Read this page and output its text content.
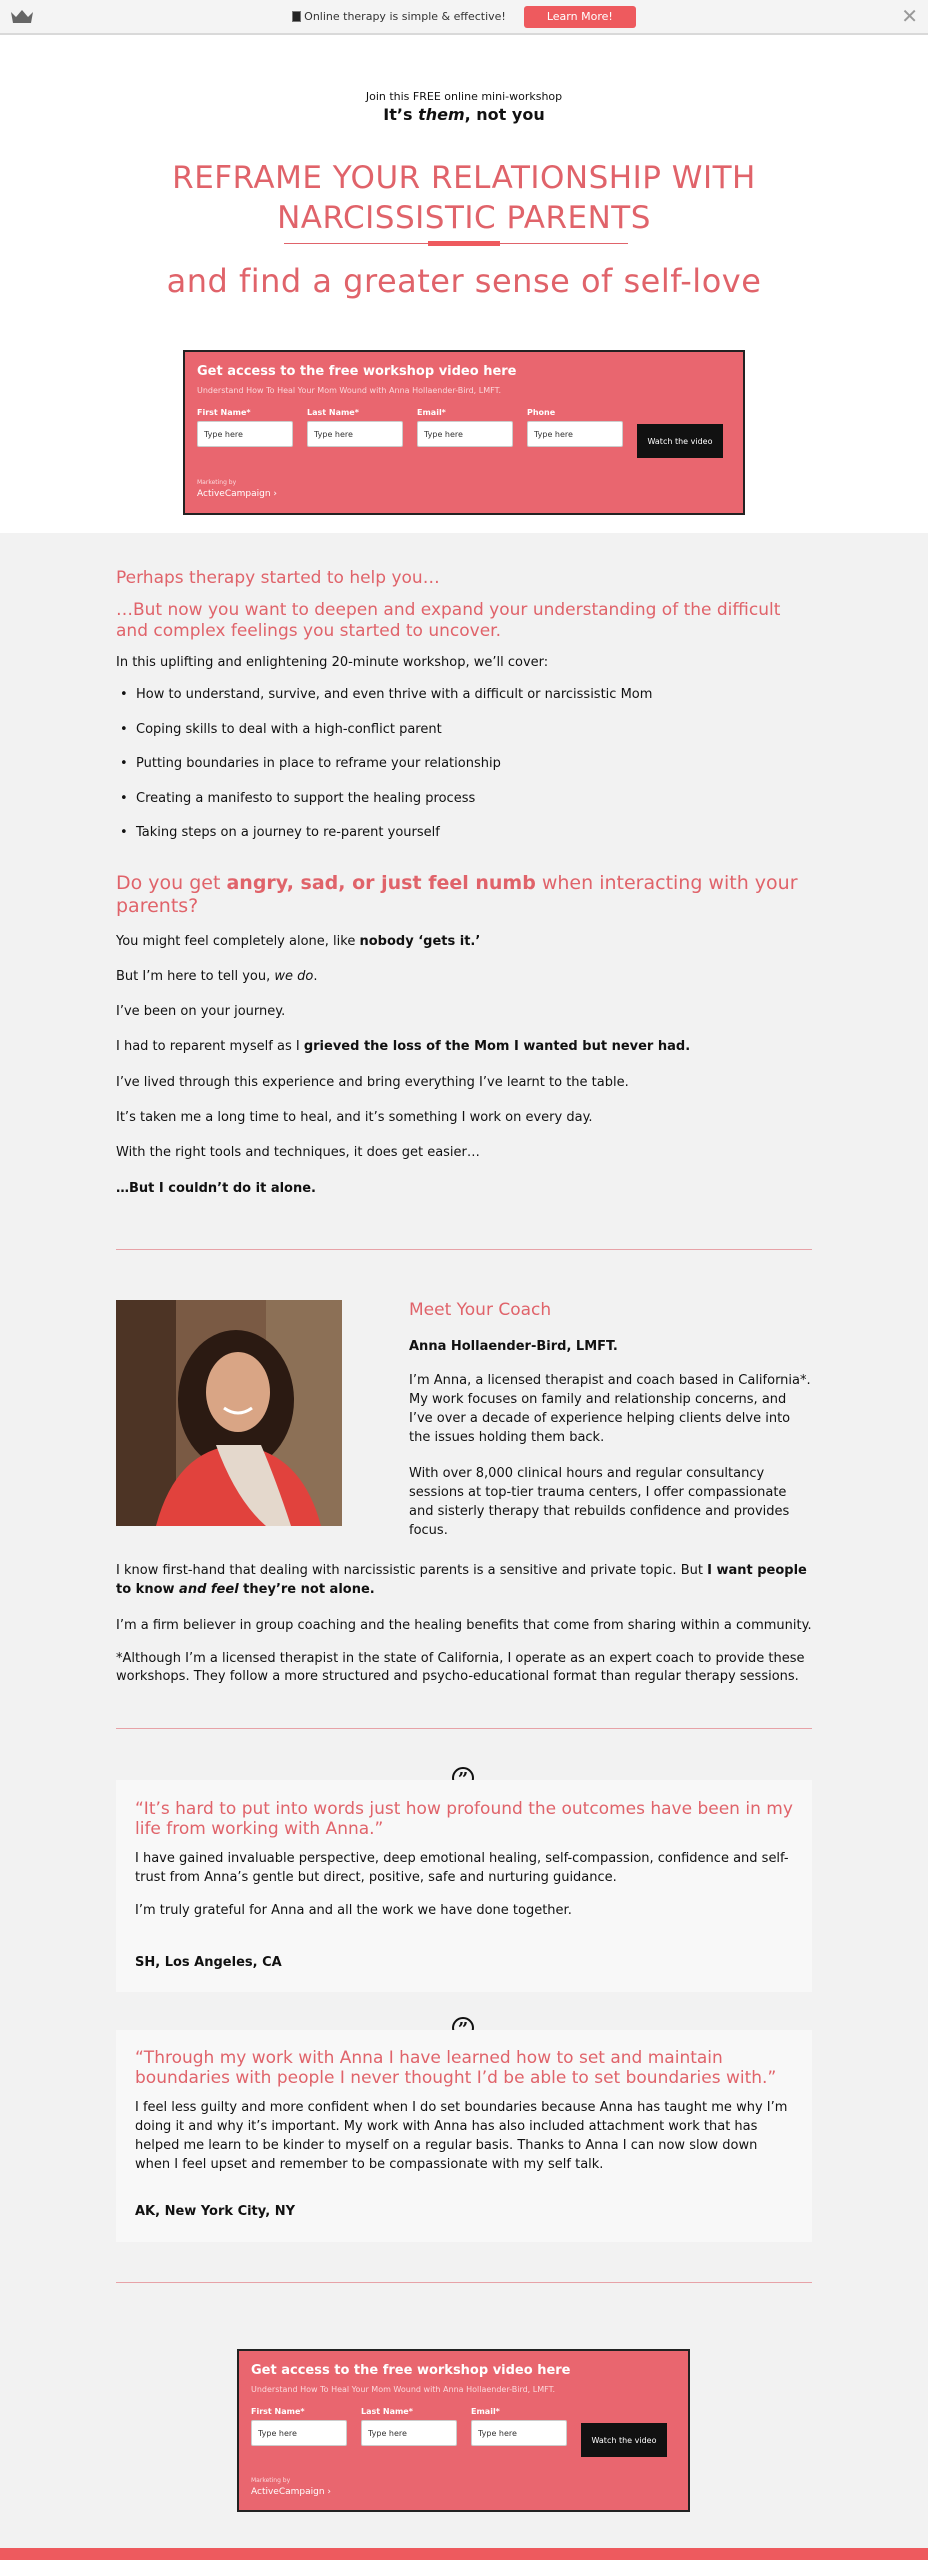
Online therapy is simple & effective!	Learn More!	✕
Join this FREE online mini-workshop
It’s them, not you
REFRAME YOUR RELATIONSHIP WITH NARCISSISTIC PARENTS
and find a greater sense of self-love
Get access to the free workshop video here
Understand How To Heal Your Mom Wound with Anna Hollaender-Bird, LMFT.
First Name*
Type here
Last Name*
Type here
Email*
Type here
Phone
Type here
Watch the video
Marketing by
ActiveCampaign ›
Perhaps therapy started to help you…
…But now you want to deepen and expand your understanding of the difficult and complex feelings you started to uncover.
In this uplifting and enlightening 20-minute workshop, we’ll cover:
• How to understand, survive, and even thrive with a difficult or narcissistic Mom
• Coping skills to deal with a high-conflict parent
• Putting boundaries in place to reframe your relationship
• Creating a manifesto to support the healing process
• Taking steps on a journey to re-parent yourself
Do you get angry, sad, or just feel numb when interacting with your parents?
You might feel completely alone, like nobody ‘gets it.’
But I’m here to tell you, we do.
I’ve been on your journey.
I had to reparent myself as I grieved the loss of the Mom I wanted but never had.
I’ve lived through this experience and bring everything I’ve learnt to the table.
It’s taken me a long time to heal, and it’s something I work on every day.
With the right tools and techniques, it does get easier…
…But I couldn’t do it alone.
Meet Your Coach
Anna Hollaender-Bird, LMFT.
I’m Anna, a licensed therapist and coach based in California*. My work focuses on family and relationship concerns, and I’ve over a decade of experience helping clients delve into the issues holding them back.
With over 8,000 clinical hours and regular consultancy sessions at top-tier trauma centers, I offer compassionate and sisterly therapy that rebuilds confidence and provides focus.
I know first-hand that dealing with narcissistic parents is a sensitive and private topic. But I want people to know and feel they’re not alone.
I’m a firm believer in group coaching and the healing benefits that come from sharing within a community.
*Although I’m a licensed therapist in the state of California, I operate as an expert coach to provide these workshops. They follow a more structured and psycho-educational format than regular therapy sessions.
“It’s hard to put into words just how profound the outcomes have been in my life from working with Anna.”
I have gained invaluable perspective, deep emotional healing, self-compassion, confidence and self-trust from Anna’s gentle but direct, positive, safe and nurturing guidance.
I’m truly grateful for Anna and all the work we have done together.
SH, Los Angeles, CA
“Through my work with Anna I have learned how to set and maintain boundaries with people I never thought I’d be able to set boundaries with.”
I feel less guilty and more confident when I do set boundaries because Anna has taught me why I’m doing it and why it’s important. My work with Anna has also included attachment work that has helped me learn to be kinder to myself on a regular basis. Thanks to Anna I can now slow down when I feel upset and remember to be compassionate with my self talk.
AK, New York City, NY
Get access to the free workshop video here
Understand How To Heal Your Mom Wound with Anna Hollaender-Bird, LMFT.
First Name*
Type here
Last Name*
Type here
Email*
Type here
Watch the video
Marketing by
ActiveCampaign ›
